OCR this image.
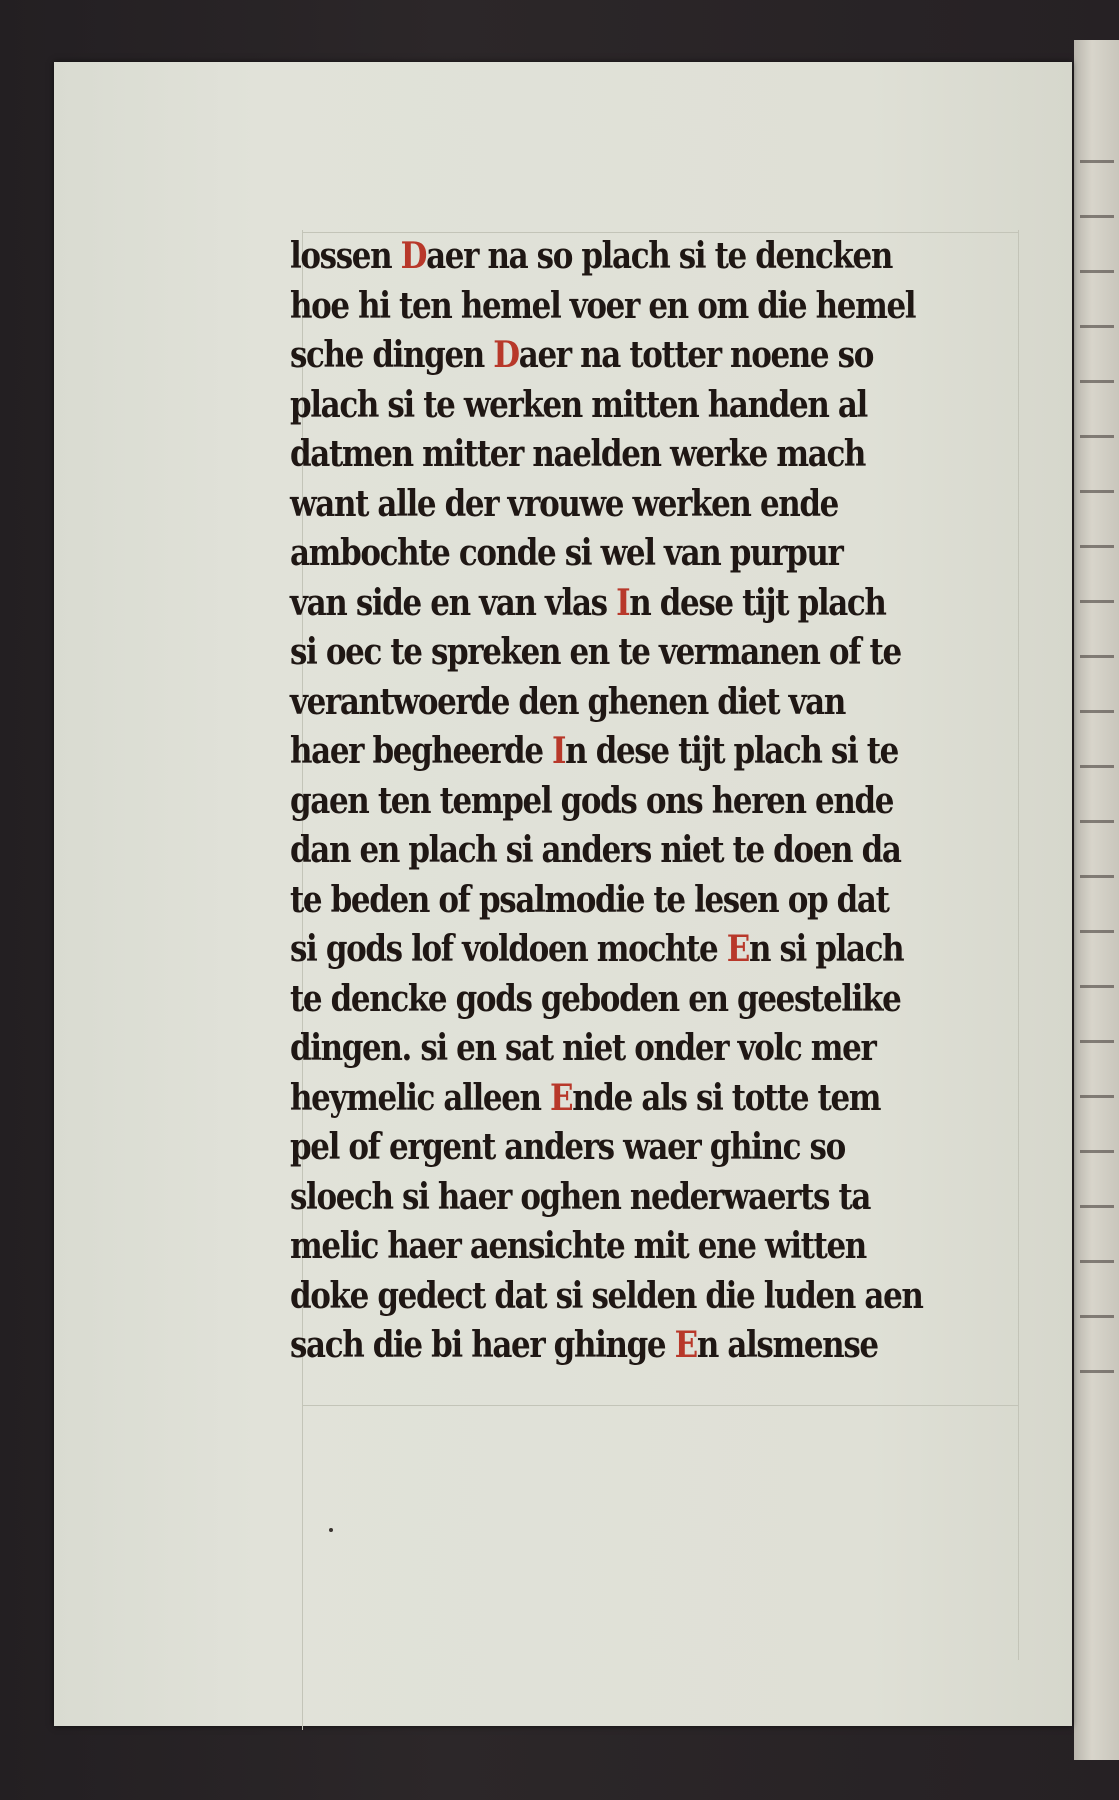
lossen Daer na so plach si te dencken
hoe hi ten hemel voer en om die hemel
sche dingen Daer na totter noene so
plach si te werken mitten handen al
datmen mitter naelden werke mach
want alle der vrouwe werken ende
ambochte conde si wel van purpur
van side en van vlas In dese tijt plach
si oec te spreken en te vermanen of te
verantwoerde den ghenen diet van
haer begheerde In dese tijt plach si te
gaen ten tempel gods ons heren ende
dan en plach si anders niet te doen da
te beden of psalmodie te lesen op dat
si gods lof voldoen mochte En si plach
te dencke gods geboden en geestelike
dingen. si en sat niet onder volc mer
heymelic alleen Ende als si totte tem
pel of ergent anders waer ghinc so
sloech si haer oghen nederwaerts ta
melic haer aensichte mit ene witten
doke gedect dat si selden die luden aen
sach die bi haer ghinge En alsmense
